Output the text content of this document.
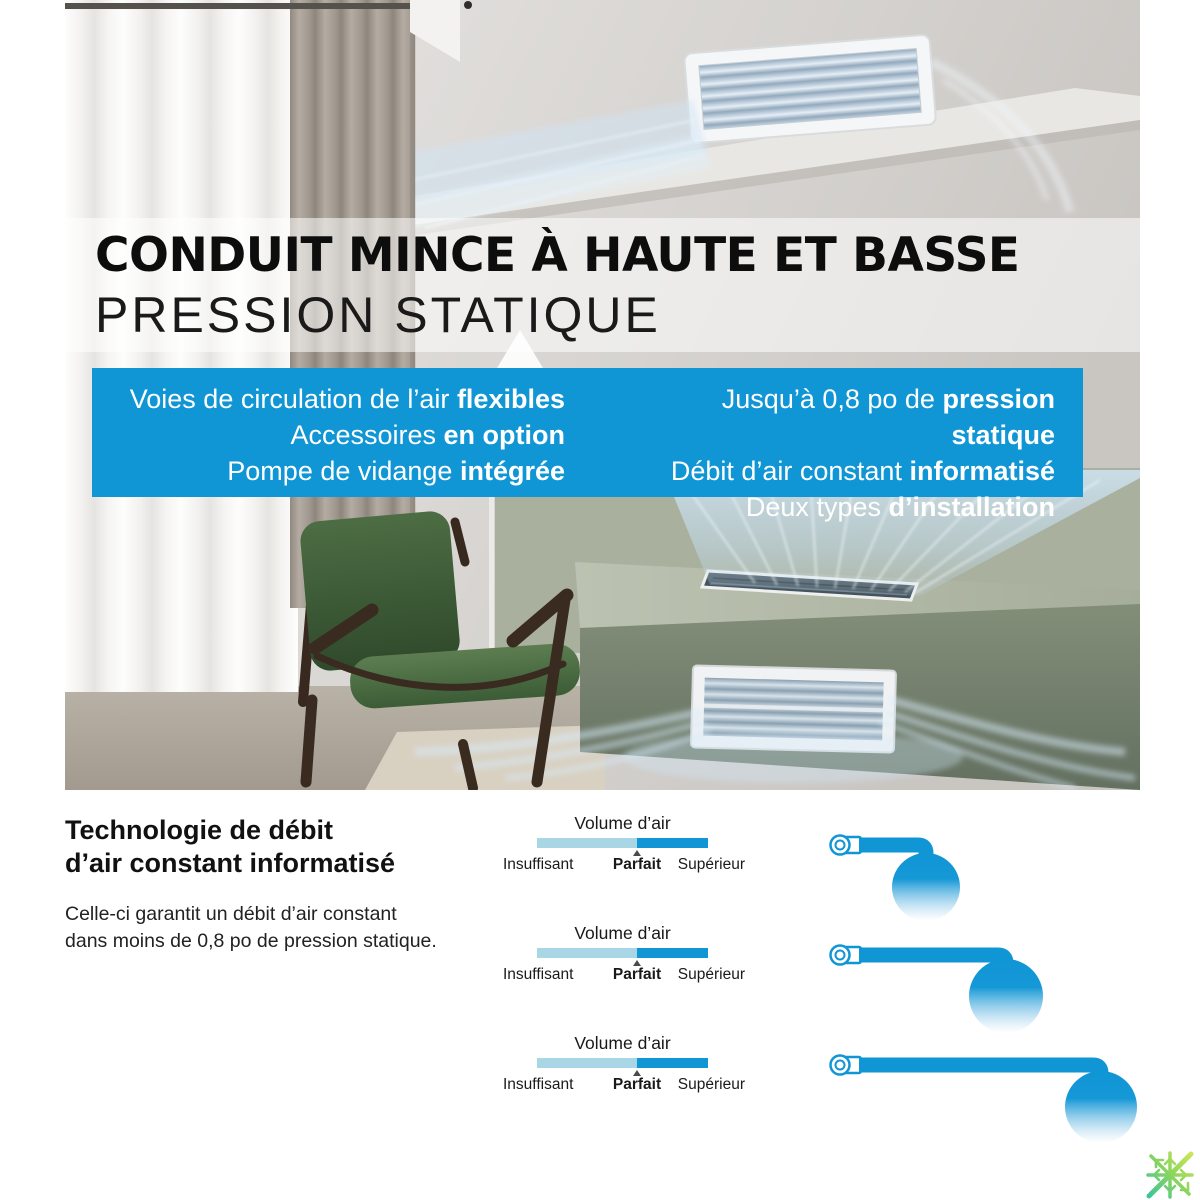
CONDUIT MINCE À HAUTE ET BASSE
PRESSION STATIQUE
Voies de circulation de l’air flexibles
Accessoires en option
Pompe de vidange intégrée
Jusqu’à 0,8 po de pression statique
Débit d’air constant informatisé
Deux types d’installation
Technologie de débit
d’air constant informatisé
Celle-ci garantit un débit d’air constant
dans moins de 0,8 po de pression statique.
Volume d’air
Insuffisant	Parfait Supérieur
Volume d’air
Insuffisant	Parfait Supérieur
Volume d’air
Insuffisant	Parfait Supérieur
